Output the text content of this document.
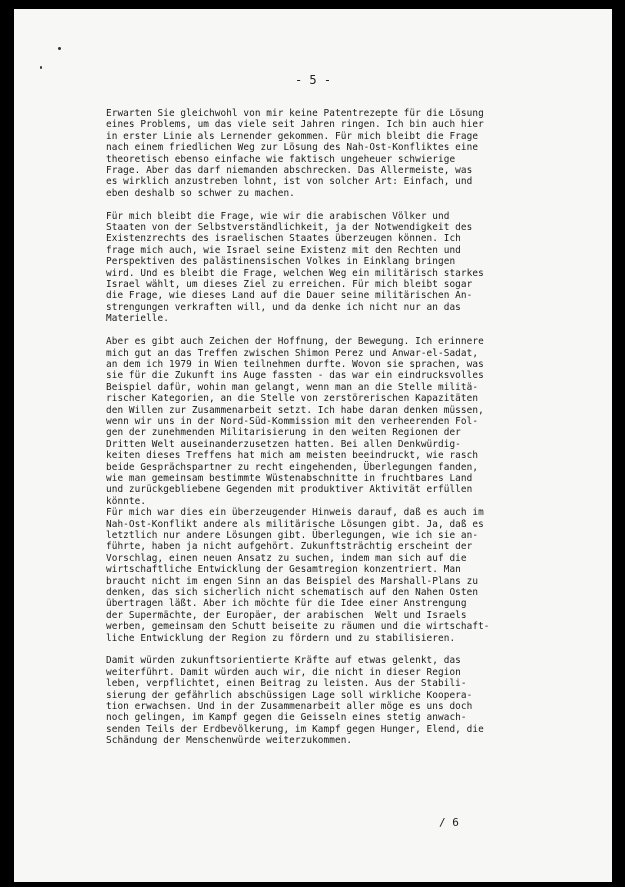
- 5 -
Erwarten Sie gleichwohl von mir keine Patentrezepte für die Lösung
eines Problems, um das viele seit Jahren ringen. Ich bin auch hier
in erster Linie als Lernender gekommen. Für mich bleibt die Frage
nach einem friedlichen Weg zur Lösung des Nah-Ost-Konfliktes eine
theoretisch ebenso einfache wie faktisch ungeheuer schwierige
Frage. Aber das darf niemanden abschrecken. Das Allermeiste, was
es wirklich anzustreben lohnt, ist von solcher Art: Einfach, und
eben deshalb so schwer zu machen.
Für mich bleibt die Frage, wie wir die arabischen Völker und
Staaten von der Selbstverständlichkeit, ja der Notwendigkeit des
Existenzrechts des israelischen Staates überzeugen können. Ich
frage mich auch, wie Israel seine Existenz mit den Rechten und
Perspektiven des palästinensischen Volkes in Einklang bringen
wird. Und es bleibt die Frage, welchen Weg ein militärisch starkes
Israel wählt, um dieses Ziel zu erreichen. Für mich bleibt sogar
die Frage, wie dieses Land auf die Dauer seine militärischen An-
strengungen verkraften will, und da denke ich nicht nur an das
Materielle.
Aber es gibt auch Zeichen der Hoffnung, der Bewegung. Ich erinnere
mich gut an das Treffen zwischen Shimon Perez und Anwar-el-Sadat,
an dem ich 1979 in Wien teilnehmen durfte. Wovon sie sprachen, was
sie für die Zukunft ins Auge fassten - das war ein eindrucksvolles
Beispiel dafür, wohin man gelangt, wenn man an die Stelle militä-
rischer Kategorien, an die Stelle von zerstörerischen Kapazitäten
den Willen zur Zusammenarbeit setzt. Ich habe daran denken müssen,
wenn wir uns in der Nord-Süd-Kommission mit den verheerenden Fol-
gen der zunehmenden Militarisierung in den weiten Regionen der
Dritten Welt auseinanderzusetzen hatten. Bei allen Denkwürdig-
keiten dieses Treffens hat mich am meisten beeindruckt, wie rasch
beide Gesprächspartner zu recht eingehenden, Überlegungen fanden,
wie man gemeinsam bestimmte Wüstenabschnitte in fruchtbares Land
und zurückgebliebene Gegenden mit produktiver Aktivität erfüllen
könnte.
Für mich war dies ein überzeugender Hinweis darauf, daß es auch im
Nah-Ost-Konflikt andere als militärische Lösungen gibt. Ja, daß es
letztlich nur andere Lösungen gibt. Überlegungen, wie ich sie an-
führte, haben ja nicht aufgehört. Zukunftsträchtig erscheint der
Vorschlag, einen neuen Ansatz zu suchen, indem man sich auf die
wirtschaftliche Entwicklung der Gesamtregion konzentriert. Man
braucht nicht im engen Sinn an das Beispiel des Marshall-Plans zu
denken, das sich sicherlich nicht schematisch auf den Nahen Osten
übertragen läßt. Aber ich möchte für die Idee einer Anstrengung
der Supermächte, der Europäer, der arabischen  Welt und Israels
werben, gemeinsam den Schutt beiseite zu räumen und die wirtschaft-
liche Entwicklung der Region zu fördern und zu stabilisieren.
Damit würden zukunftsorientierte Kräfte auf etwas gelenkt, das
weiterführt. Damit würden auch wir, die nicht in dieser Region
leben, verpflichtet, einen Beitrag zu leisten. Aus der Stabili-
sierung der gefährlich abschüssigen Lage soll wirkliche Koopera-
tion erwachsen. Und in der Zusammenarbeit aller möge es uns doch
noch gelingen, im Kampf gegen die Geisseln eines stetig anwach-
senden Teils der Erdbevölkerung, im Kampf gegen Hunger, Elend, die
Schändung der Menschenwürde weiterzukommen.
/ 6
